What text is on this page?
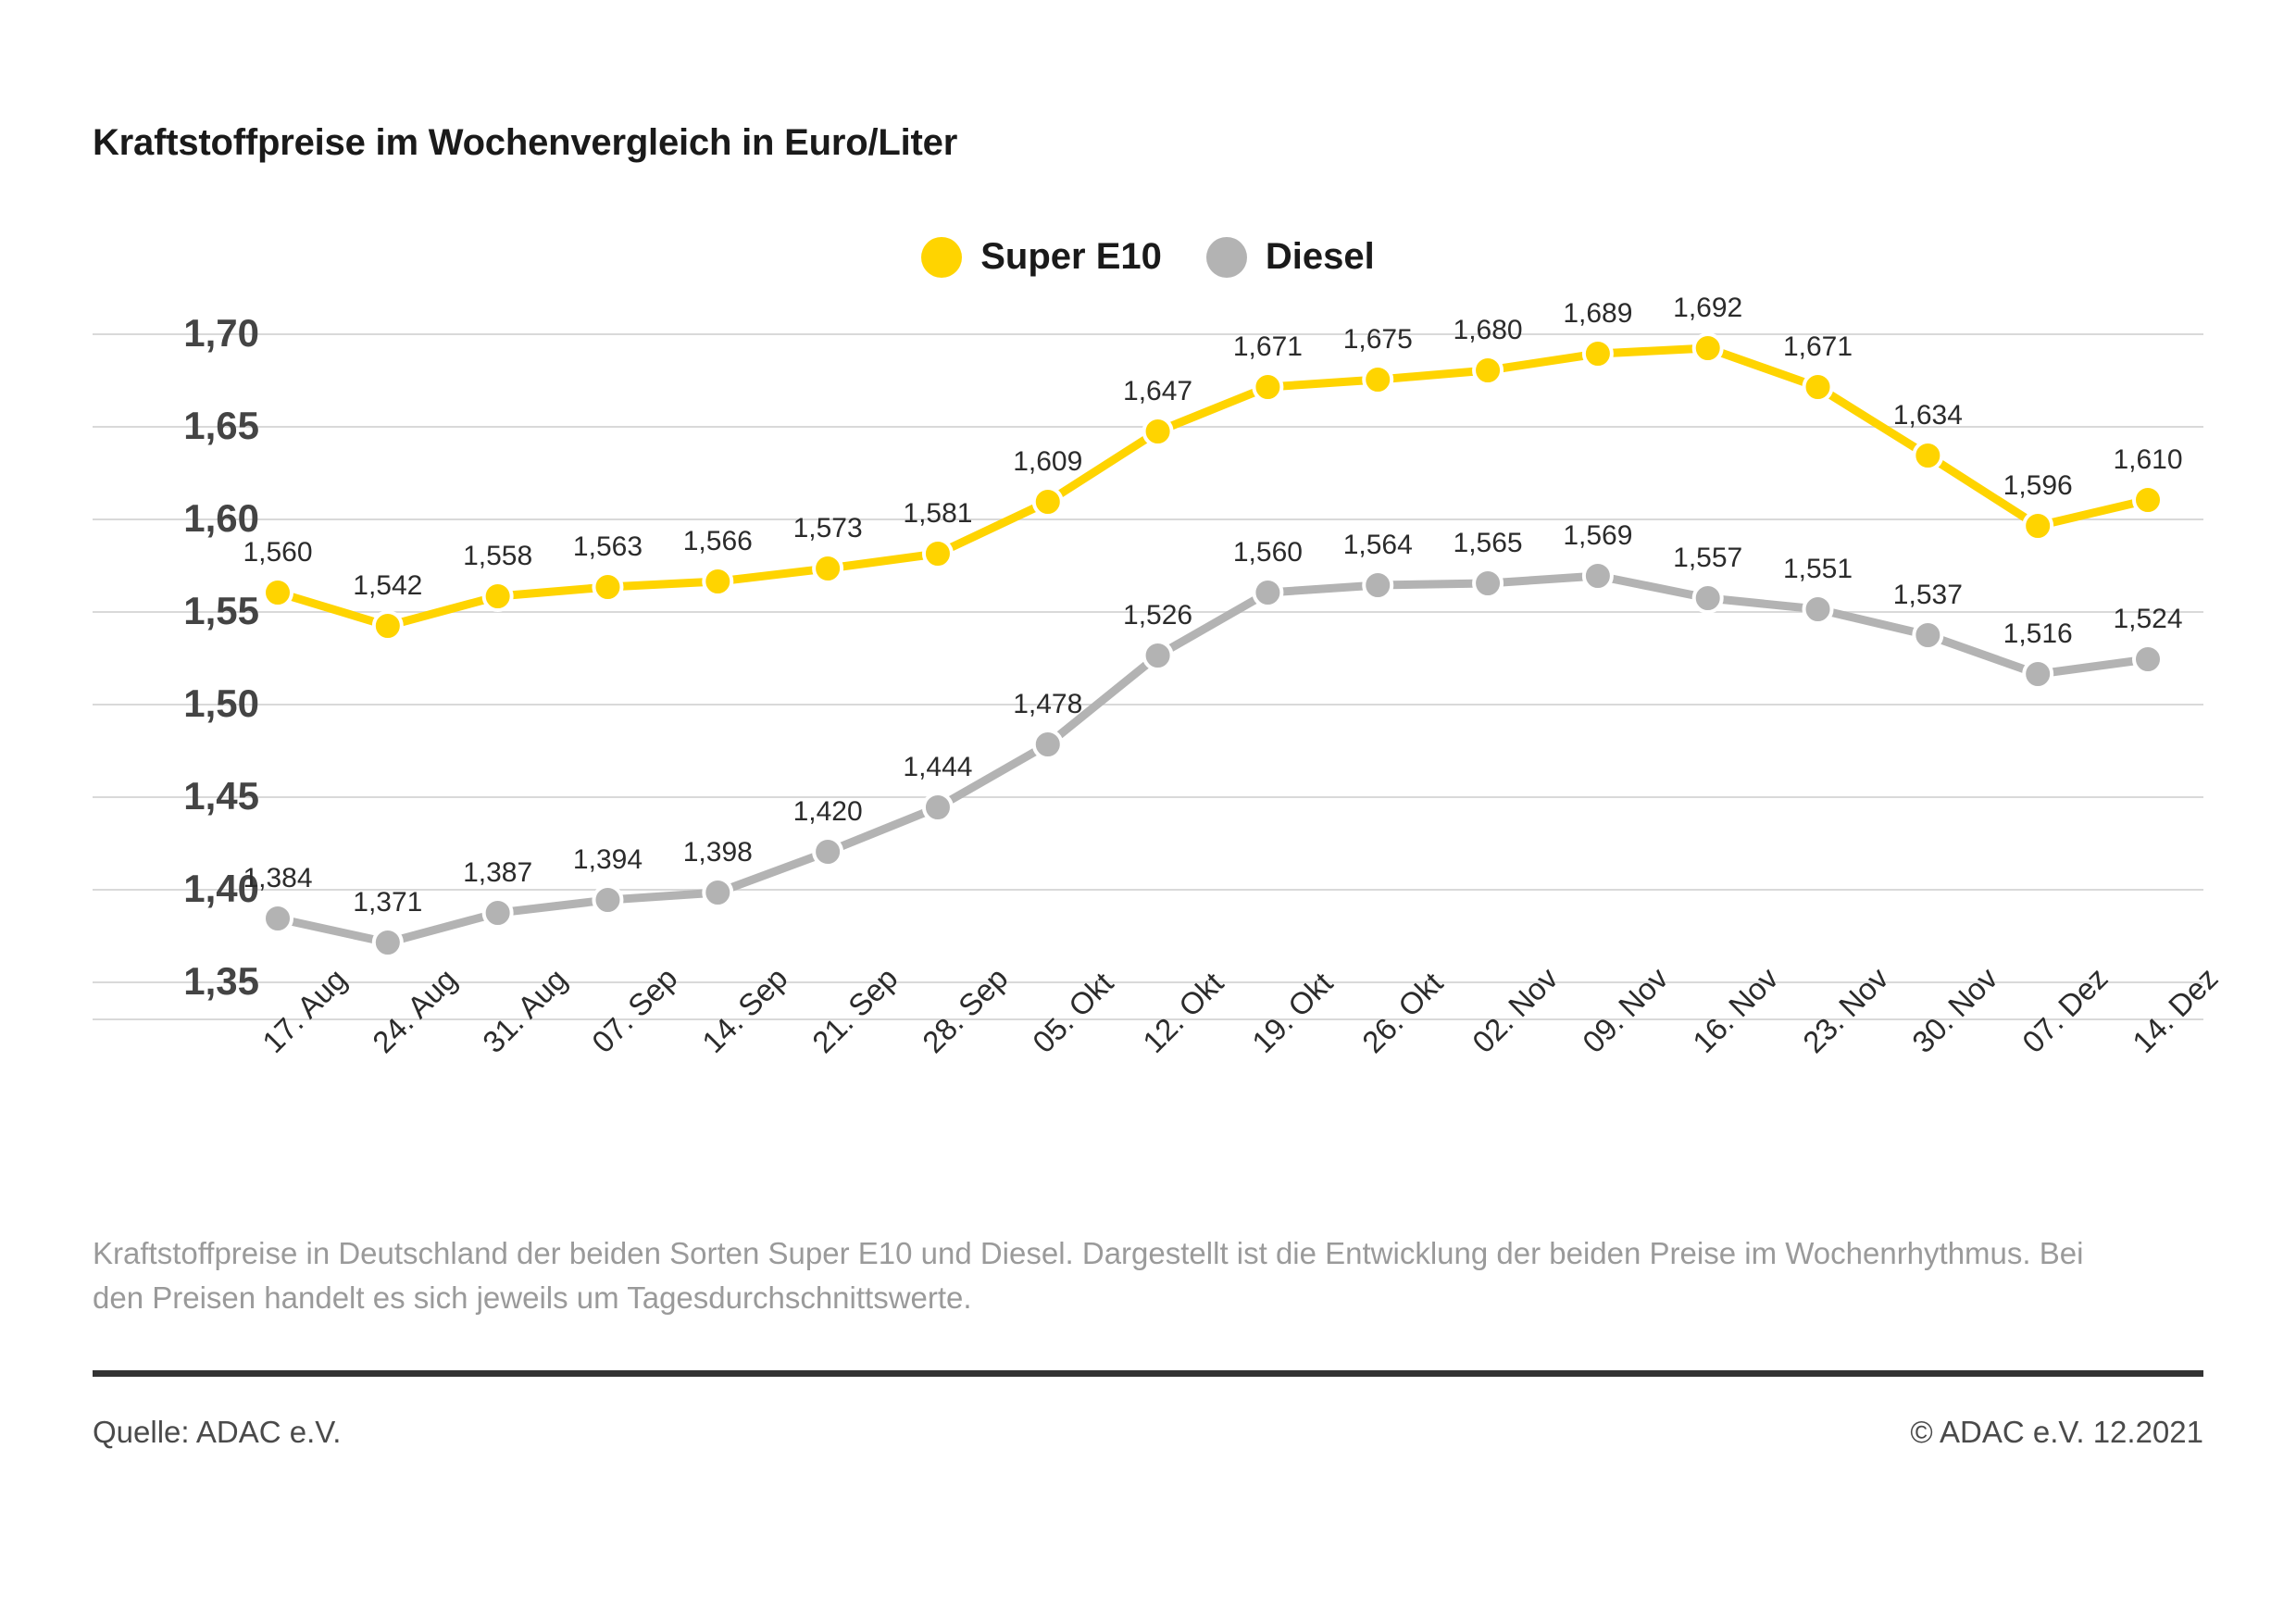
Kraftstoffpreise im Wochenvergleich in Euro/Liter
Super E10	Diesel
1,70
1,65
1,60
1,55
1,50
1,45
1,40
1,35
1,560
1,542
1,558 1,563 1,566 1,573 1,581
1,609
1,647
1,671 1,675 1,680
1,689 1,692
1,671
1,634
1,596
1,610
1,384
1,371
1,387 1,394 1,398
1,420
1,444
1,478
1,526
1,560 1,564 1,565 1,569
1,557 1,551
1,537
1,516 1,524
17. Aug 24. Aug 31. Aug 07. Sep 14. Sep 21. Sep 28. Sep 05. Okt 12. Okt 19. Okt 26. Okt 02. Nov 09. Nov 16. Nov 23. Nov 30. Nov 07. Dez 14. Dez
Kraftstoffpreise in Deutschland der beiden Sorten Super E10 und Diesel. Dargestellt ist die Entwicklung der beiden Preise im Wochenrhythmus. Bei den Preisen handelt es sich jeweils um Tagesdurchschnittswerte.
Quelle: ADAC e.V.	© ADAC e.V. 12.2021
